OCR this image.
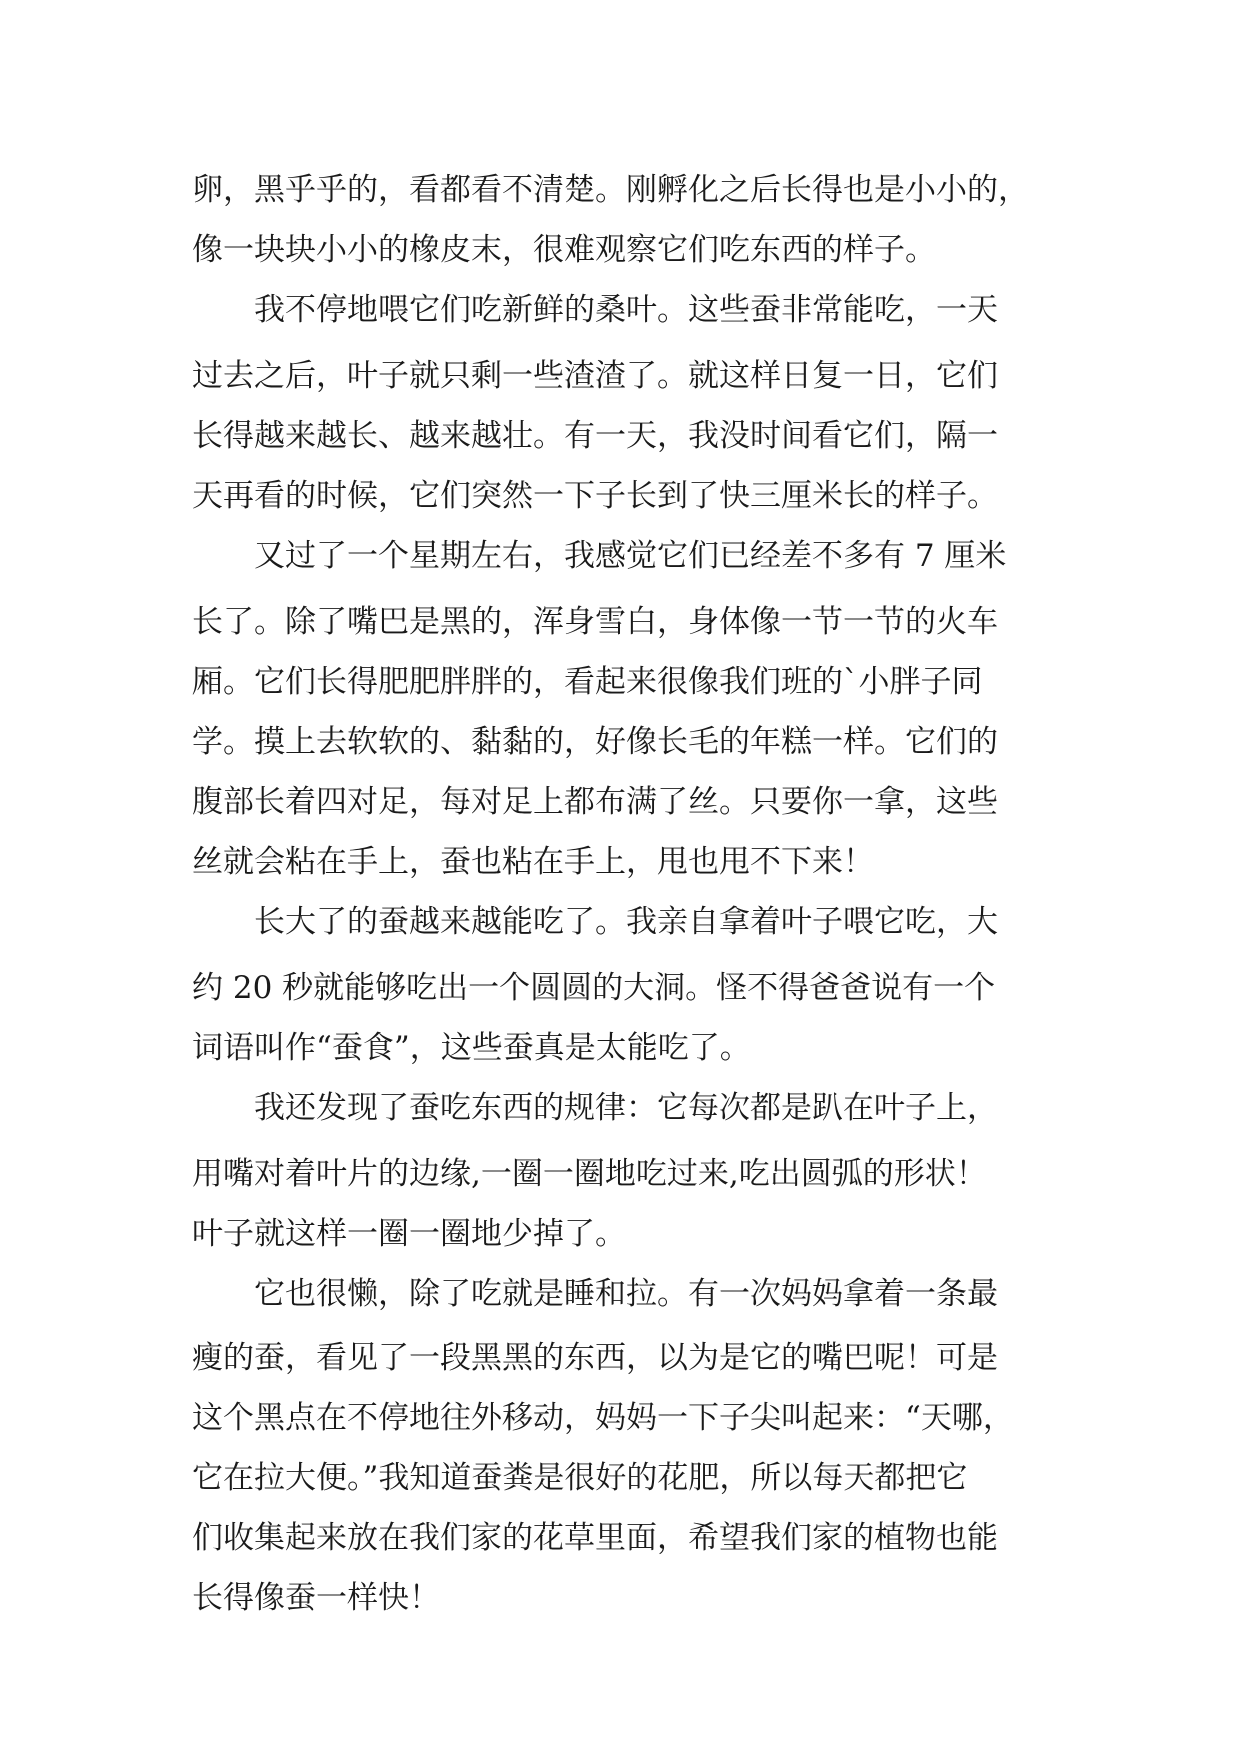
卵，黑乎乎的，看都看不清楚。刚孵化之后长得也是小小的，
像一块块小小的橡皮末，很难观察它们吃东西的样子。
　　我不停地喂它们吃新鲜的桑叶。这些蚕非常能吃，一天
过去之后，叶子就只剩一些渣渣了。就这样日复一日，它们
长得越来越长、越来越壮。有一天，我没时间看它们，隔一
天再看的时候，它们突然一下子长到了快三厘米长的样子。
　　又过了一个星期左右，我感觉它们已经差不多有 7 厘米
长了。除了嘴巴是黑的，浑身雪白，身体像一节一节的火车
厢。它们长得肥肥胖胖的，看起来很像我们班的`小胖子同
学。摸上去软软的、黏黏的，好像长毛的年糕一样。它们的
腹部长着四对足，每对足上都布满了丝。只要你一拿，这些
丝就会粘在手上，蚕也粘在手上，甩也甩不下来！
　　长大了的蚕越来越能吃了。我亲自拿着叶子喂它吃，大
约 20 秒就能够吃出一个圆圆的大洞。怪不得爸爸说有一个
词语叫作“蚕食”，这些蚕真是太能吃了。
　　我还发现了蚕吃东西的规律：它每次都是趴在叶子上，
用嘴对着叶片的边缘,一圈一圈地吃过来,吃出圆弧的形状！
叶子就这样一圈一圈地少掉了。
　　它也很懒，除了吃就是睡和拉。有一次妈妈拿着一条最
瘦的蚕，看见了一段黑黑的东西，以为是它的嘴巴呢！可是
这个黑点在不停地往外移动，妈妈一下子尖叫起来：“天哪，
它在拉大便。”我知道蚕粪是很好的花肥，所以每天都把它
们收集起来放在我们家的花草里面，希望我们家的植物也能
长得像蚕一样快！
